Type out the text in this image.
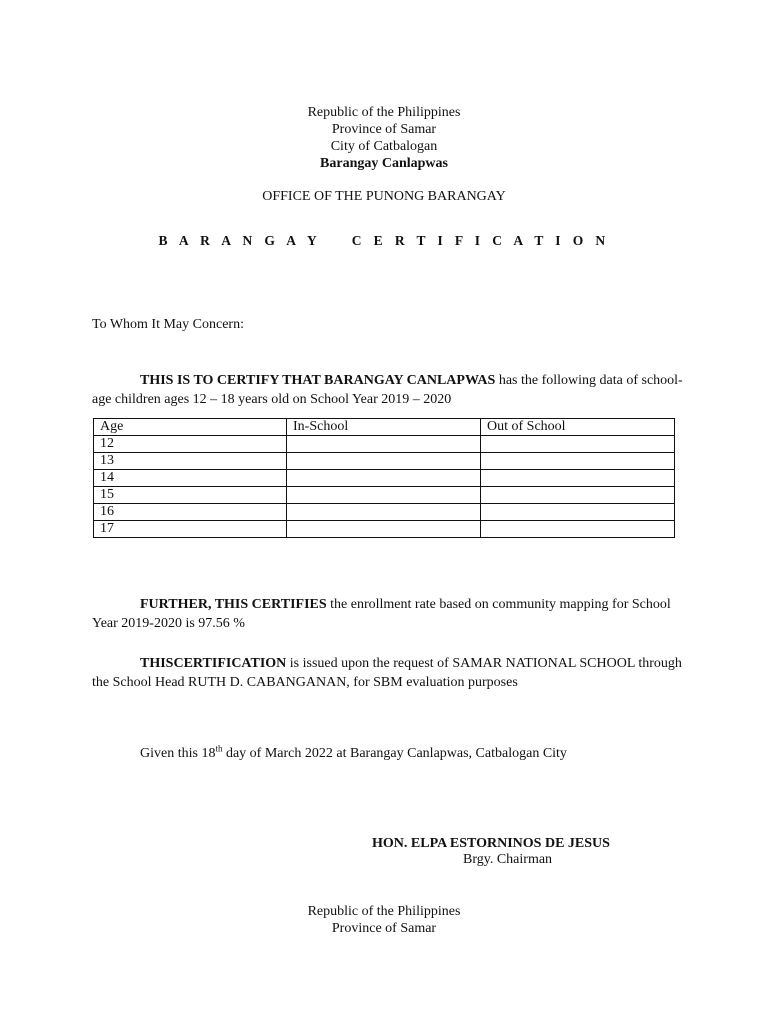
Republic of the Philippines
Province of Samar
City of Catbalogan
Barangay Canlapwas
OFFICE OF THE PUNONG BARANGAY
B A R A N G A Y    C E R T I F I C A T I O N
To Whom It May Concern:
THIS IS TO CERTIFY THAT BARANGAY CANLAPWAS has the following data of school-age children ages 12 – 18 years old on School Year 2019 – 2020
Age	In-School	Out of School
12		
13		
14		
15		
16		
17		
FURTHER, THIS CERTIFIES the enrollment rate based on community mapping for School Year 2019-2020 is 97.56 %
THISCERTIFICATION is issued upon the request of SAMAR NATIONAL SCHOOL through the School Head RUTH D. CABANGANAN, for SBM evaluation purposes
Given this 18th day of March 2022 at Barangay Canlapwas, Catbalogan City
HON. ELPA ESTORNINOS DE JESUS
Brgy. Chairman
Republic of the Philippines
Province of Samar
